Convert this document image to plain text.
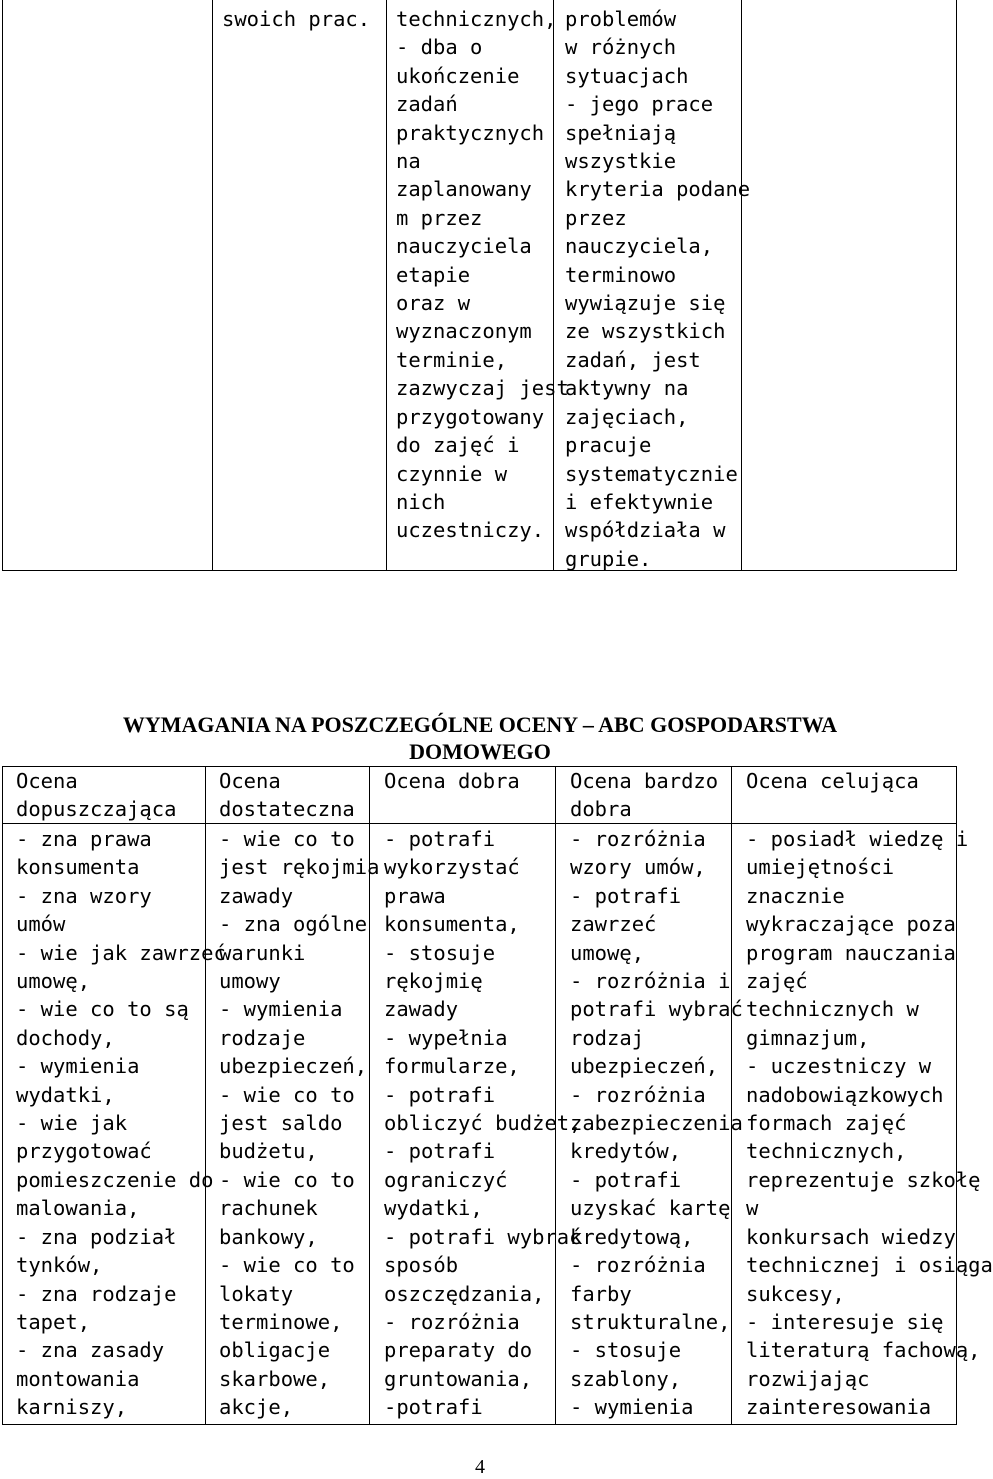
swoich prac. technicznych,
- dba o
ukończenie
zadań
praktycznych
na
zaplanowany
m przez
nauczyciela
etapie
oraz w
wyznaczonym
terminie,
zazwyczaj jest
przygotowany
do zajęć i
czynnie w
nich
uczestniczy.
problemów
w różnych
sytuacjach
- jego prace
spełniają
wszystkie
kryteria podane
przez
nauczyciela,
terminowo
wywiązuje się
ze wszystkich
zadań, jest
aktywny na
zajęciach,
pracuje
systematycznie
i efektywnie
współdziała w
grupie.
WYMAGANIA NA POSZCZEGÓLNE OCENY – ABC GOSPODARSTWA
DOMOWEGO
Ocena
dopuszczająca
Ocena
dostateczna
Ocena dobra Ocena bardzo
dobra
Ocena celująca
- zna prawa
konsumenta
- zna wzory
umów
- wie jak zawrzeć
umowę,
- wie co to są
dochody,
- wymienia
wydatki,
- wie jak
przygotować
pomieszczenie do
malowania,
- zna podział
tynków,
- zna rodzaje
tapet,
- zna zasady
montowania
karniszy,
- wie co to
jest rękojmia
zawady
- zna ogólne
warunki
umowy
- wymienia
rodzaje
ubezpieczeń,
- wie co to
jest saldo
budżetu,
- wie co to
rachunek
bankowy,
- wie co to
lokaty
terminowe,
obligacje
skarbowe,
akcje,
- potrafi
wykorzystać
prawa
konsumenta,
- stosuje
rękojmię
zawady
- wypełnia
formularze,
- potrafi
obliczyć budżet,
- potrafi
ograniczyć
wydatki,
- potrafi wybrać
sposób
oszczędzania,
- rozróżnia
preparaty do
gruntowania,
-potrafi
- rozróżnia
wzory umów,
- potrafi
zawrzeć
umowę,
- rozróżnia i
potrafi wybrać
rodzaj
ubezpieczeń,
- rozróżnia
zabezpieczenia
kredytów,
- potrafi
uzyskać kartę
kredytową,
- rozróżnia
farby
strukturalne,
- stosuje
szablony,
- wymienia
- posiadł wiedzę i
umiejętności
znacznie
wykraczające poza
program nauczania
zajęć
technicznych w
gimnazjum,
- uczestniczy w
nadobowiązkowych
formach zajęć
technicznych,
reprezentuje szkołę
w
konkursach wiedzy
technicznej i osiąga
sukcesy,
- interesuje się
literaturą fachową,
rozwijając
zainteresowania
4
